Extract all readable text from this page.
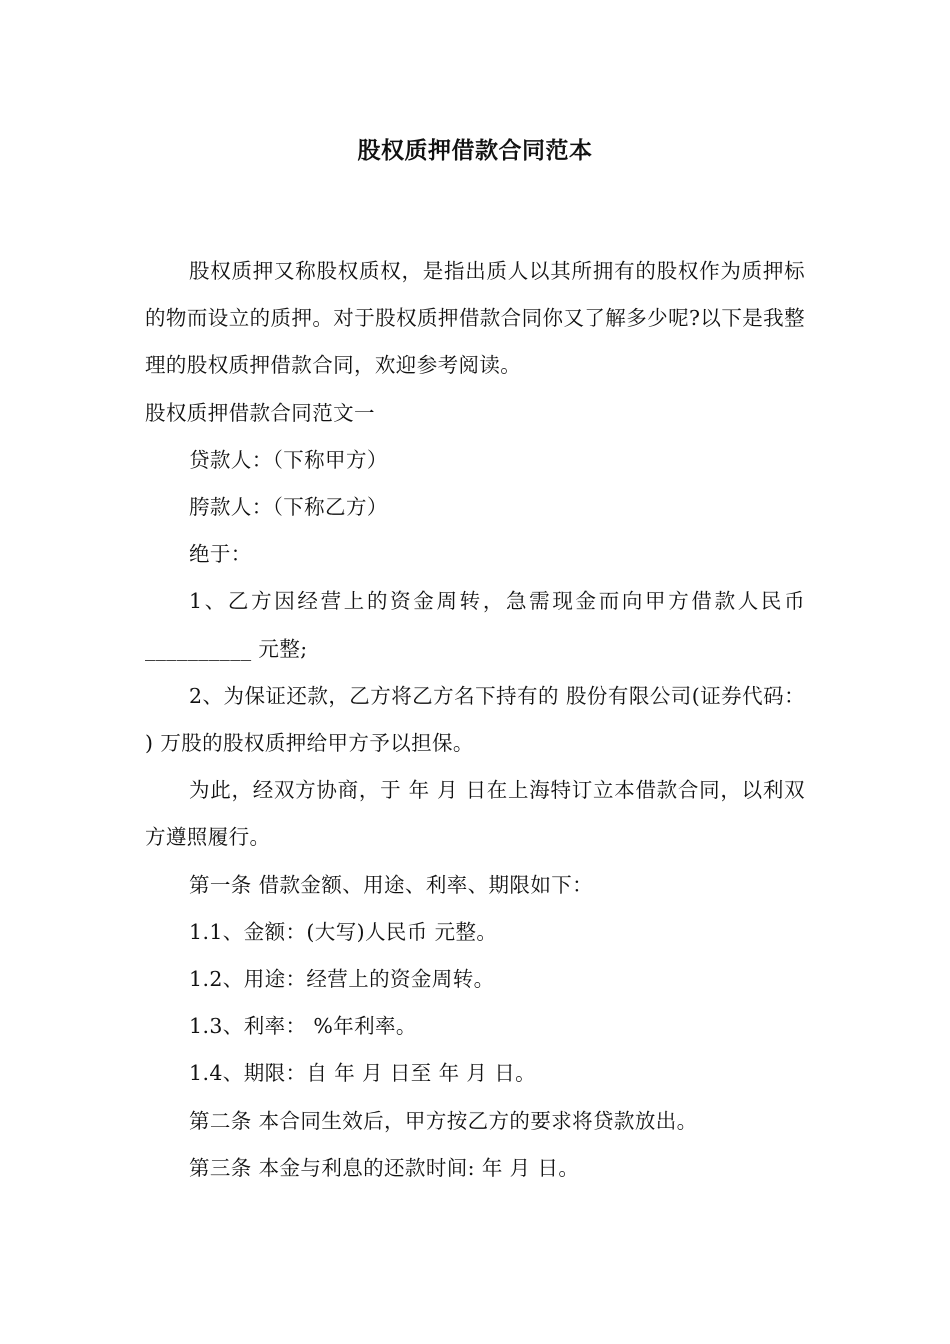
股权质押借款合同范本

股权质押又称股权质权，是指出质人以其所拥有的股权作为质押标的物而设立的质押。对于股权质押借款合同你又了解多少呢?以下是我整理的股权质押借款合同，欢迎参考阅读。

股权质押借款合同范文一

贷款人：（下称甲方）

胯款人：（下称乙方）

绝于：

1、乙方因经营上的资金周转，急需现金而向甲方借款人民币__________ 元整;

2、为保证还款，乙方将乙方名下持有的 股份有限公司(证券代码： ) 万股的股权质押给甲方予以担保。

为此，经双方协商，于 年 月 日在上海特订立本借款合同，以利双方遵照履行。

第一条 借款金额、用途、利率、期限如下：

1.1、金额：(大写)人民币 元整。

1.2、用途：经营上的资金周转。

1.3、利率： %年利率。

1.4、期限：自 年 月 日至 年 月 日。

第二条 本合同生效后，甲方按乙方的要求将贷款放出。

第三条 本金与利息的还款时间: 年 月 日。
